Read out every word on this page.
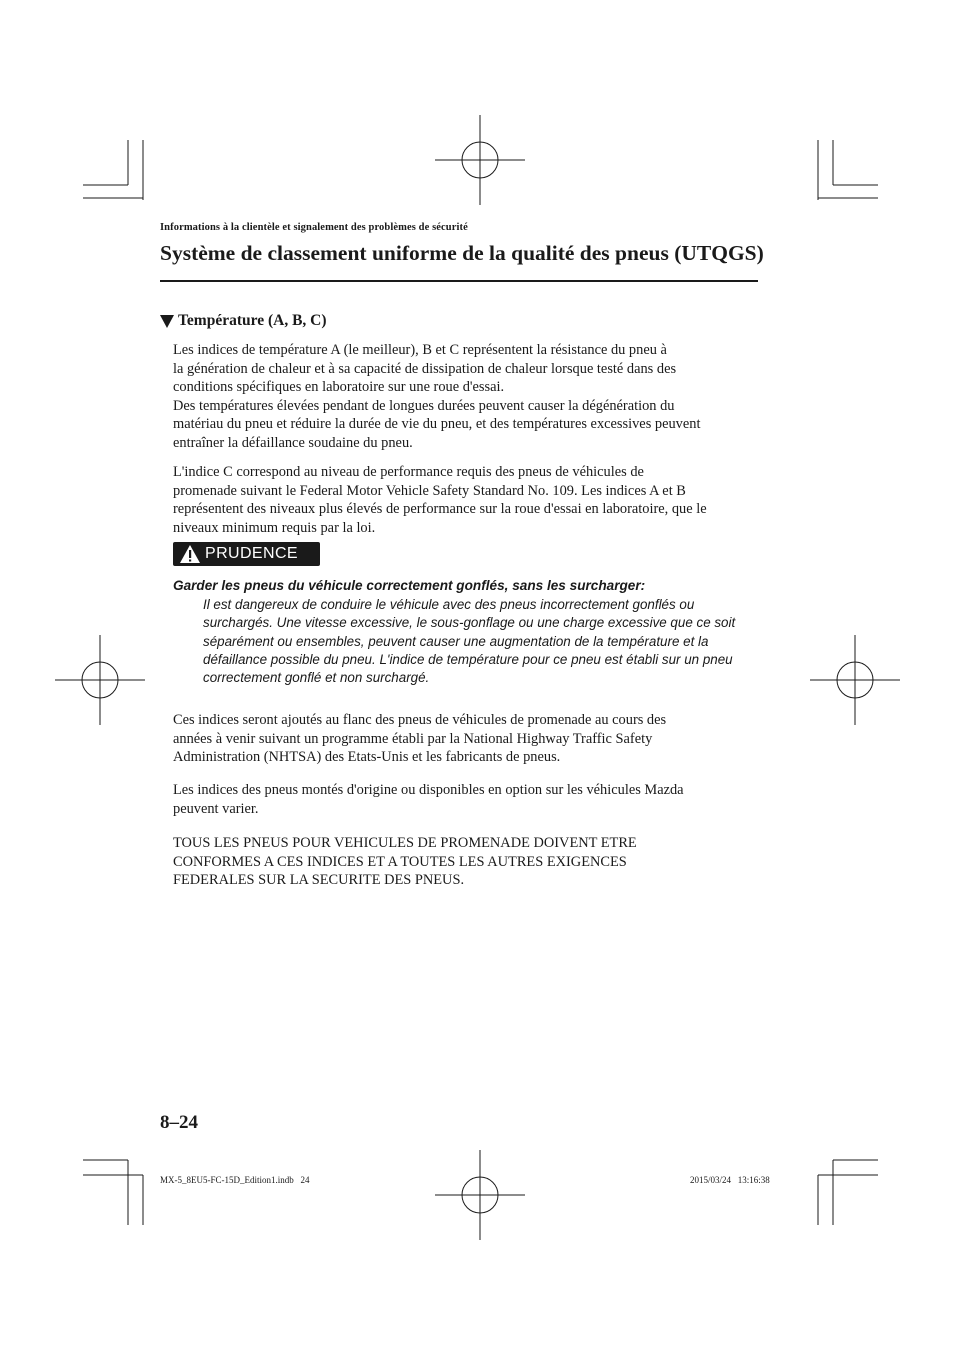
Informations à la clientèle et signalement des problèmes de sécurité
Système de classement uniforme de la qualité des pneus (UTQGS)
Température (A, B, C)

Les indices de température A (le meilleur), B et C représentent la résistance du pneu à
la génération de chaleur et à sa capacité de dissipation de chaleur lorsque testé dans des
conditions spécifiques en laboratoire sur une roue d'essai.
Des températures élevées pendant de longues durées peuvent causer la dégénération du
matériau du pneu et réduire la durée de vie du pneu, et des températures excessives peuvent
entraîner la défaillance soudaine du pneu.

L'indice C correspond au niveau de performance requis des pneus de véhicules de
promenade suivant le Federal Motor Vehicle Safety Standard No. 109. Les indices A et B
représentent des niveaux plus élevés de performance sur la roue d'essai en laboratoire, que le
niveaux minimum requis par la loi.

PRUDENCE
Garder les pneus du véhicule correctement gonflés, sans les surcharger:
Il est dangereux de conduire le véhicule avec des pneus incorrectement gonflés ou
surchargés. Une vitesse excessive, le sous-gonflage ou une charge excessive que ce soit
séparément ou ensembles, peuvent causer une augmentation de la température et la
défaillance possible du pneu. L'indice de température pour ce pneu est établi sur un pneu
correctement gonflé et non surchargé.

Ces indices seront ajoutés au flanc des pneus de véhicules de promenade au cours des
années à venir suivant un programme établi par la National Highway Traffic Safety
Administration (NHTSA) des Etats-Unis et les fabricants de pneus.

Les indices des pneus montés d'origine ou disponibles en option sur les véhicules Mazda
peuvent varier.

TOUS LES PNEUS POUR VEHICULES DE PROMENADE DOIVENT ETRE
CONFORMES A CES INDICES ET A TOUTES LES AUTRES EXIGENCES
FEDERALES SUR LA SECURITE DES PNEUS.

8–24
MX-5_8EU5-FC-15D_Edition1.indb   24	2015/03/24   13:16:38
